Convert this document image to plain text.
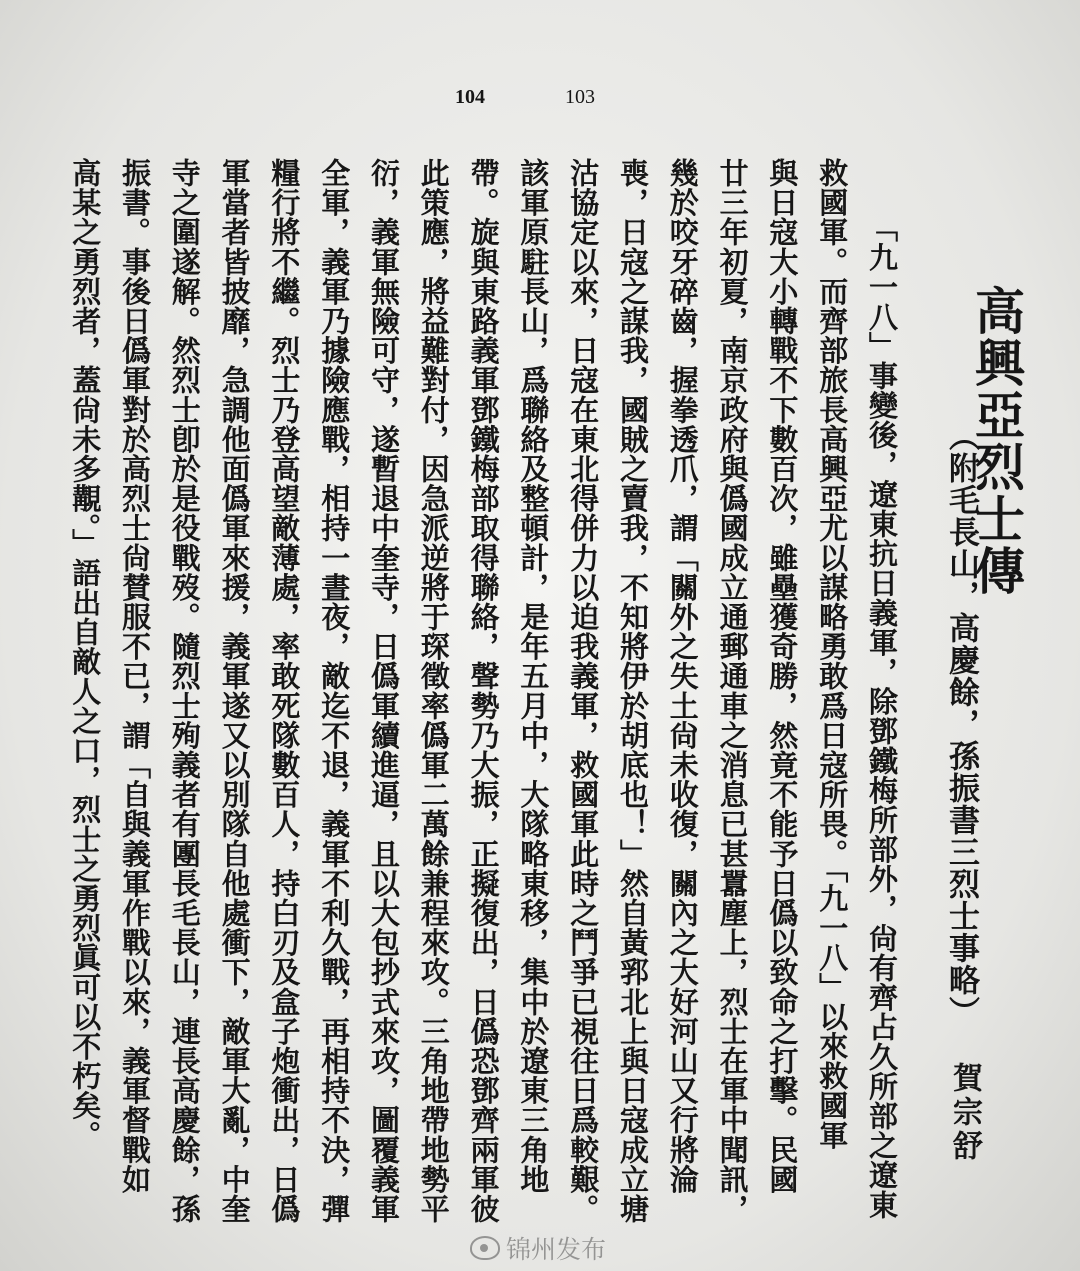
104	103
高興亞烈士傳
（附毛長山，高慶餘，孫振書三烈士事略）
賀宗舒
「九一八」事變後，遼東抗日義軍，除鄧鐵梅所部外，尙有齊占久所部之遼東
救國軍。而齊部旅長高興亞尤以謀略勇敢爲日寇所畏。「九一八」以來救國軍
與日寇大小轉戰不下數百次，雖壘獲奇勝，然竟不能予日僞以致命之打擊。民國
廿三年初夏，南京政府與僞國成立通郵通車之消息已甚囂塵上，烈士在軍中聞訊，
幾於咬牙碎齒，握拳透爪，謂「關外之失土尙未收復，關內之大好河山又行將淪
喪，日寇之謀我，國賊之賣我，不知將伊於胡底也！」然自黃郛北上與日寇成立塘
沽協定以來，日寇在東北得併力以迫我義軍，救國軍此時之鬥爭已視往日爲較艱。
該軍原駐長山，爲聯絡及整頓計，是年五月中，大隊略東移，集中於遼東三角地
帶。旋與東路義軍鄧鐵梅部取得聯絡，聲勢乃大振，正擬復出，日僞恐鄧齊兩軍彼
此策應，將益難對付，因急派逆將于琛徵率僞軍二萬餘兼程來攻。三角地帶地勢平
衍，義軍無險可守，遂暫退中奎寺，日僞軍續進逼，且以大包抄式來攻，圖覆義軍
全軍，義軍乃據險應戰，相持一晝夜，敵迄不退，義軍不利久戰，再相持不決，彈
糧行將不繼。烈士乃登高望敵薄處，率敢死隊數百人，持白刃及盒子炮衝出，日僞
軍當者皆披靡，急調他面僞軍來援，義軍遂又以別隊自他處衝下，敵軍大亂，中奎
寺之圍遂解。然烈士卽於是役戰歿。隨烈士殉義者有團長毛長山，連長高慶餘，孫
振書。事後日僞軍對於高烈士尙賛服不已，謂「自與義軍作戰以來，義軍督戰如
高某之勇烈者，蓋尙未多覯。」語出自敵人之口，烈士之勇烈眞可以不朽矣。
锦州发布
